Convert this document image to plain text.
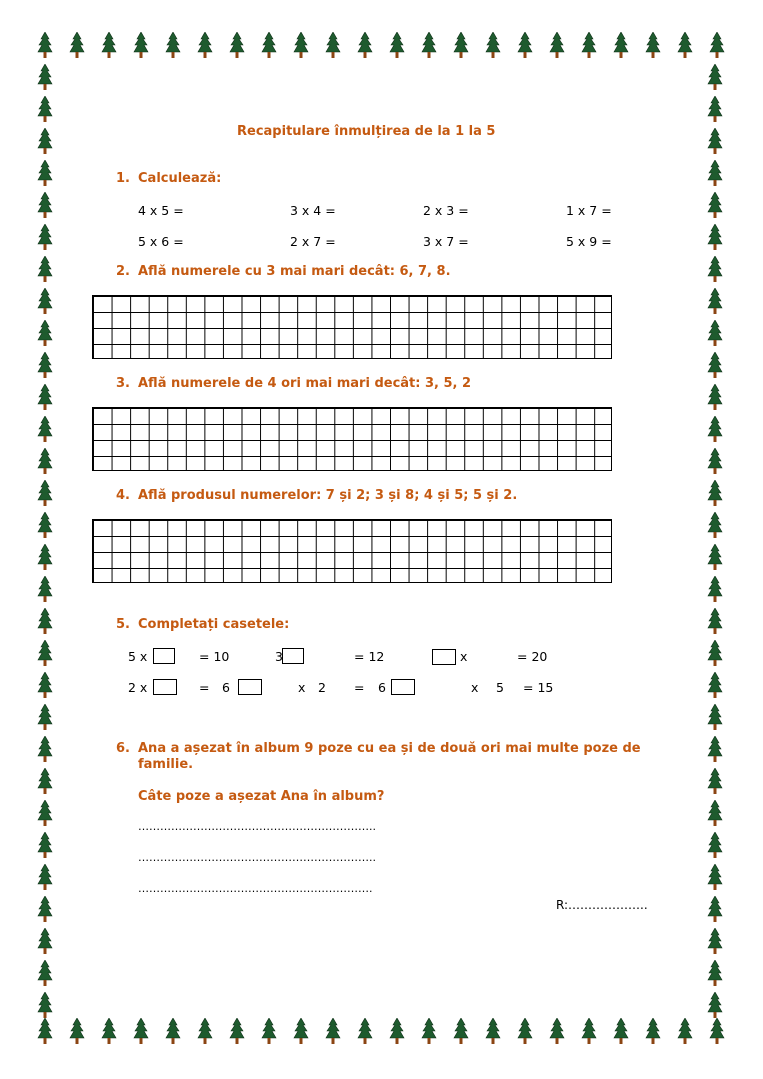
Recapitulare înmulțirea de la 1 la 5
1. Calculează:
4 x 5 =	3 x 4 =	2 x 3 =	1 x 7 =
5 x 6 =	2 x 7 =	3 x 7 =	5 x 9 =
2. Află numerele cu 3 mai mari decât: 6, 7, 8.
3. Află numerele de 4 ori mai mari decât: 3, 5, 2
4. Află produsul numerelor: 7 și 2; 3 și 8; 4 și 5; 5 și 2.
5. Completați casetele:
5 x	= 10	3	= 12	x	= 20
2 x	= 6	x 2 = 6	x 5 = 15
6. Ana a așezat în album 9 poze cu ea și de două ori mai multe poze de
familie.
Câte poze a așezat Ana în album?
………………………………………………………..
………………………………………………………..
……………………………………………………….
R:………………..
